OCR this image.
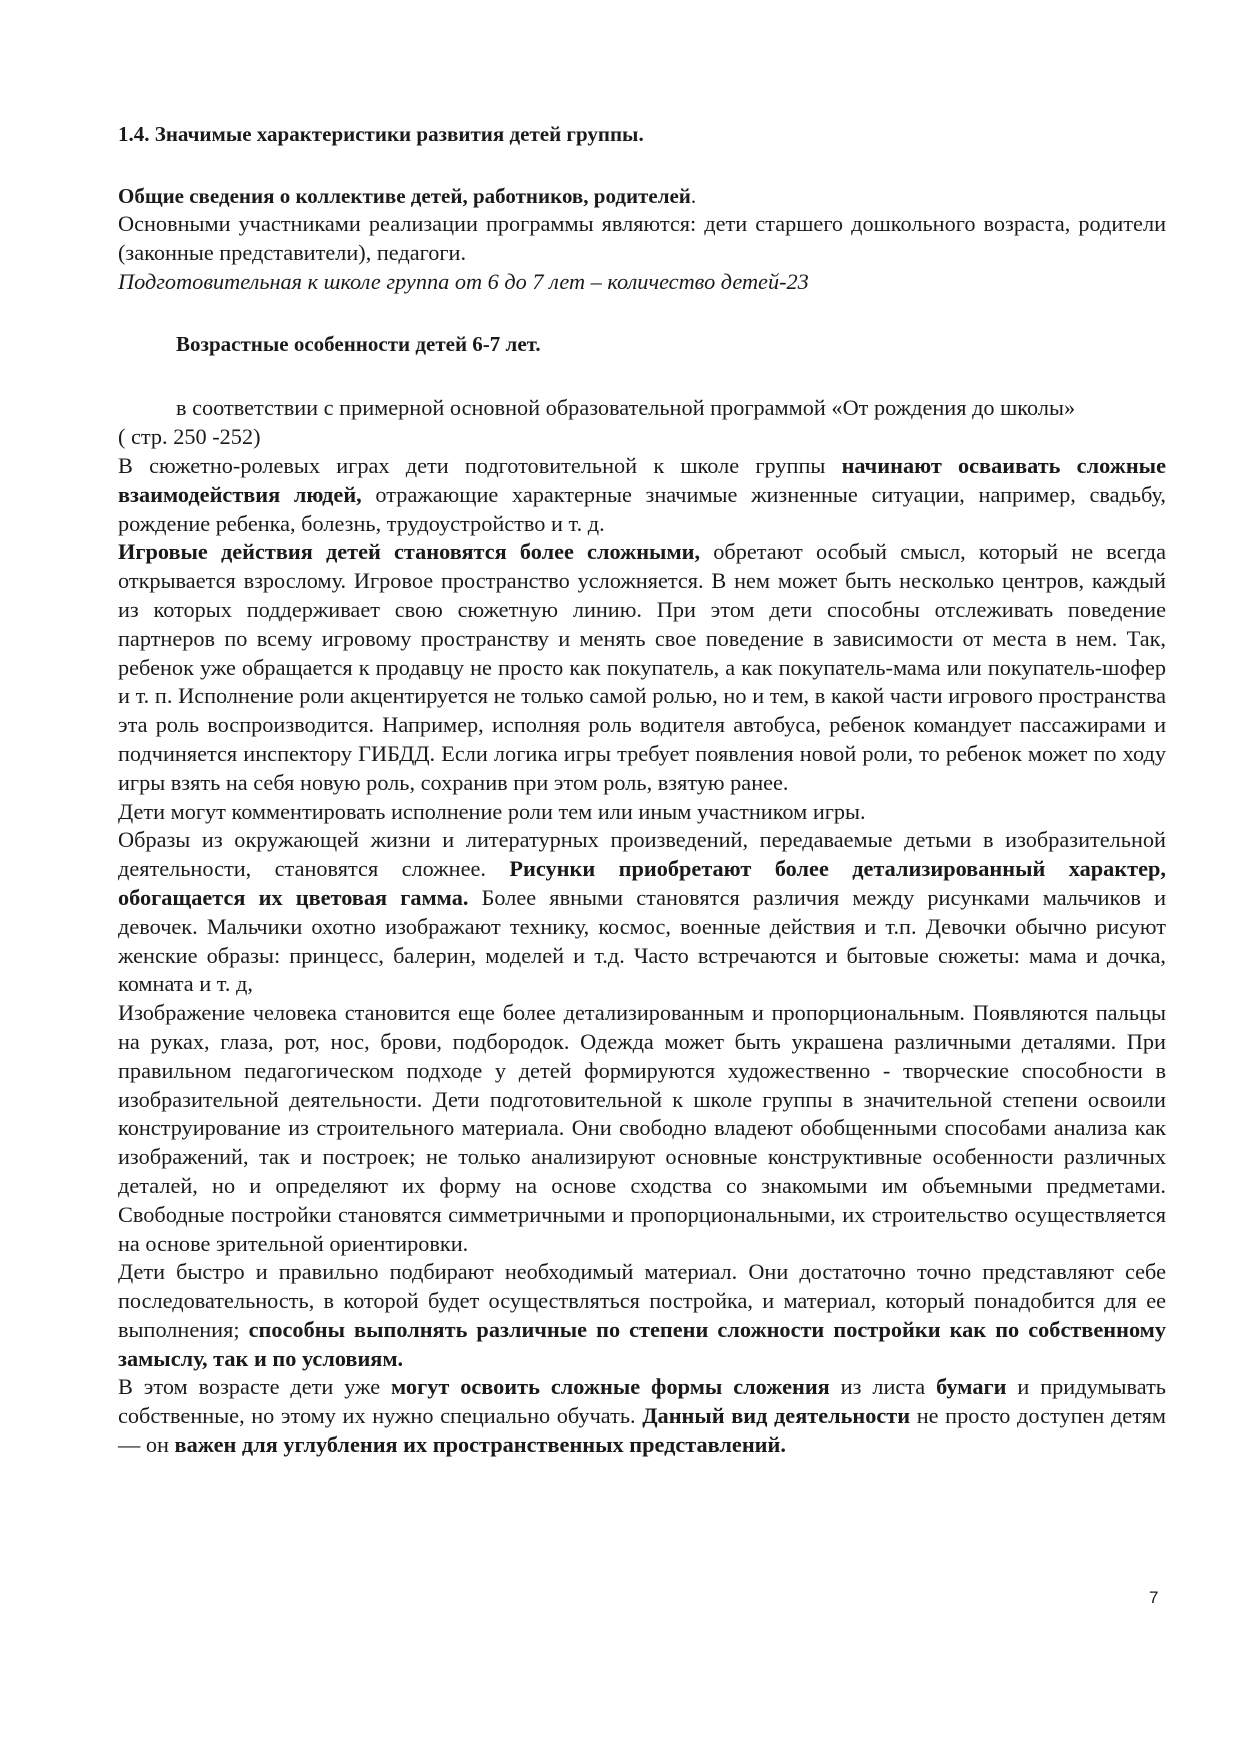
1.4. Значимые характеристики развития детей группы.

Общие сведения о коллективе детей, работников, родителей.

Основными участниками реализации программы являются: дети старшего дошкольного возраста, родители (законные представители), педагоги.

Подготовительная к школе группа от 6 до 7 лет – количество детей-23

Возрастные особенности детей 6-7 лет.

в соответствии с примерной основной образовательной программой «От рождения до школы»

( стр. 250 -252)

В сюжетно-ролевых играх дети подготовительной к школе группы начинают осваивать сложные взаимодействия людей, отражающие характерные значимые жизненные ситуации, например, свадьбу, рождение ребенка, болезнь, трудоустройство и т. д.

Игровые действия детей становятся более сложными, обретают особый смысл, который не всегда открывается взрослому. Игровое пространство усложняется. В нем может быть несколько центров, каждый из которых поддерживает свою сюжетную линию. При этом дети способны отслеживать поведение партнеров по всему игровому пространству и менять свое поведение в зависимости от места в нем. Так, ребенок уже обращается к продавцу не просто как покупатель, а как покупатель-мама или покупатель-шофер и т. п. Исполнение роли акцентируется не только самой ролью, но и тем, в какой части игрового пространства эта роль воспроизводится. Например, исполняя роль водителя автобуса, ребенок командует пассажирами и подчиняется инспектору ГИБДД. Если логика игры требует появления новой роли, то ребенок может по ходу игры взять на себя новую роль, сохранив при этом роль, взятую ранее.

Дети могут комментировать исполнение роли тем или иным участником игры.

Образы из окружающей жизни и литературных произведений, передаваемые детьми в изобразительной деятельности, становятся сложнее. Рисунки приобретают более детализированный характер, обогащается их цветовая гамма. Более явными становятся различия между рисунками мальчиков и девочек. Мальчики охотно изображают технику, космос, военные действия и т.п. Девочки обычно рисуют женские образы: принцесс, балерин, моделей и т.д. Часто встречаются и бытовые сюжеты: мама и дочка, комната и т. д,

Изображение человека становится еще более детализированным и пропорциональным. Появляются пальцы на руках, глаза, рот, нос, брови, подбородок. Одежда может быть украшена различными деталями. При правильном педагогическом подходе у детей формируются художественно - творческие способности в изобразительной деятельности. Дети подготовительной к школе группы в значительной степени освоили конструирование из строительного материала. Они свободно владеют обобщенными способами анализа как изображений, так и построек; не только анализируют основные конструктивные особенности различных деталей, но и определяют их форму на основе сходства со знакомыми им объемными предметами. Свободные постройки становятся симметричными и пропорциональными, их строительство осуществляется на основе зрительной ориентировки.

Дети быстро и правильно подбирают необходимый материал. Они достаточно точно представляют себе последовательность, в которой будет осуществляться постройка, и материал, который понадобится для ее выполнения; способны выполнять различные по степени сложности постройки как по собственному замыслу, так и по условиям.

В этом возрасте дети уже могут освоить сложные формы сложения из листа бумаги и придумывать собственные, но этому их нужно специально обучать. Данный вид деятельности не просто доступен детям — он важен для углубления их пространственных представлений.

7
